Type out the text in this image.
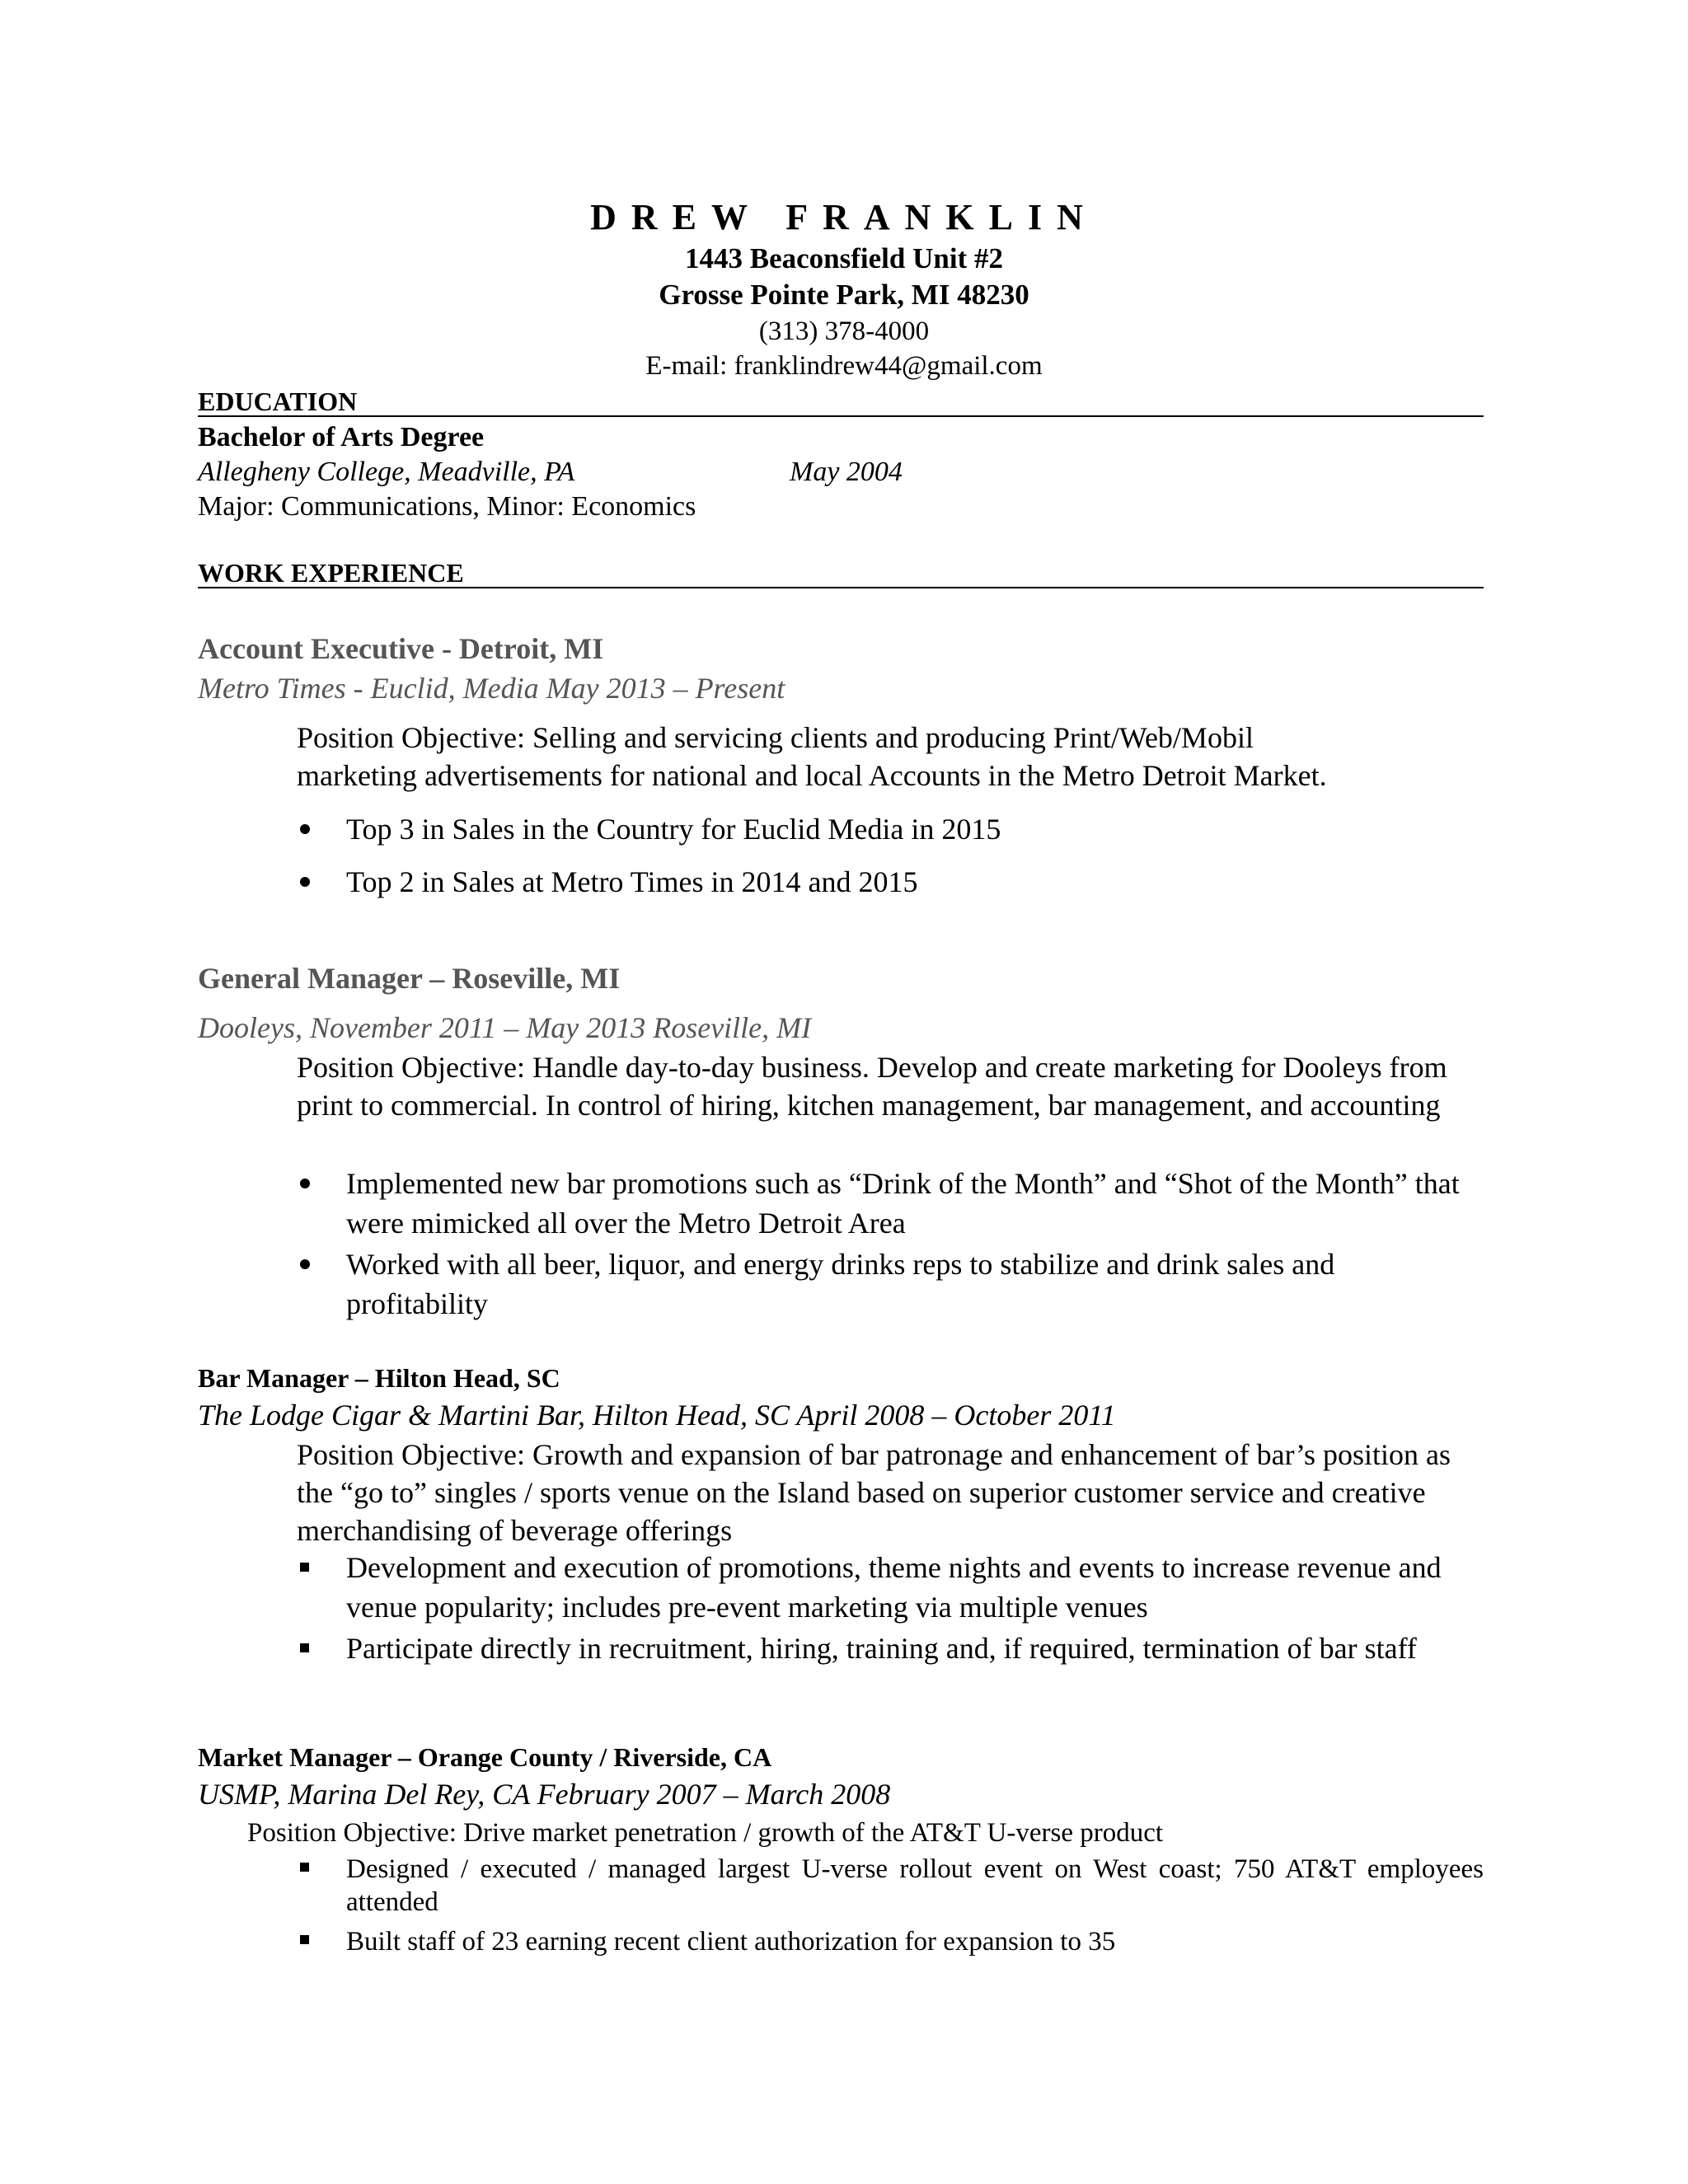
DREW FRANKLIN
1443 Beaconsfield Unit #2
Grosse Pointe Park, MI 48230
(313) 378-4000
E-mail: franklindrew44@gmail.com
EDUCATION
Bachelor of Arts Degree
Allegheny College, Meadville, PA	May 2004
Major: Communications, Minor: Economics
WORK EXPERIENCE
Account Executive - Detroit, MI
Metro Times - Euclid, Media May 2013 – Present
Position Objective: Selling and servicing clients and producing Print/Web/Mobil
marketing advertisements for national and local Accounts in the Metro Detroit Market.
Top 3 in Sales in the Country for Euclid Media in 2015
Top 2 in Sales at Metro Times in 2014 and 2015
General Manager – Roseville, MI
Dooleys, November 2011 – May 2013 Roseville, MI
Position Objective: Handle day-to-day business. Develop and create marketing for Dooleys from print to commercial. In control of hiring, kitchen management, bar management, and accounting
Implemented new bar promotions such as “Drink of the Month” and “Shot of the Month” that were mimicked all over the Metro Detroit Area
Worked with all beer, liquor, and energy drinks reps to stabilize and drink sales and profitability
Bar Manager – Hilton Head, SC
The Lodge Cigar & Martini Bar, Hilton Head, SC April 2008 – October 2011
Position Objective: Growth and expansion of bar patronage and enhancement of bar’s position as the “go to” singles / sports venue on the Island based on superior customer service and creative merchandising of beverage offerings
Development and execution of promotions, theme nights and events to increase revenue and venue popularity; includes pre-event marketing via multiple venues
Participate directly in recruitment, hiring, training and, if required, termination of bar staff
Market Manager – Orange County / Riverside, CA
USMP, Marina Del Rey, CA February 2007 – March 2008
Position Objective: Drive market penetration / growth of the AT&T U-verse product
Designed / executed / managed largest U-verse rollout event on West coast; 750 AT&T employees attended
Built staff of 23 earning recent client authorization for expansion to 35
